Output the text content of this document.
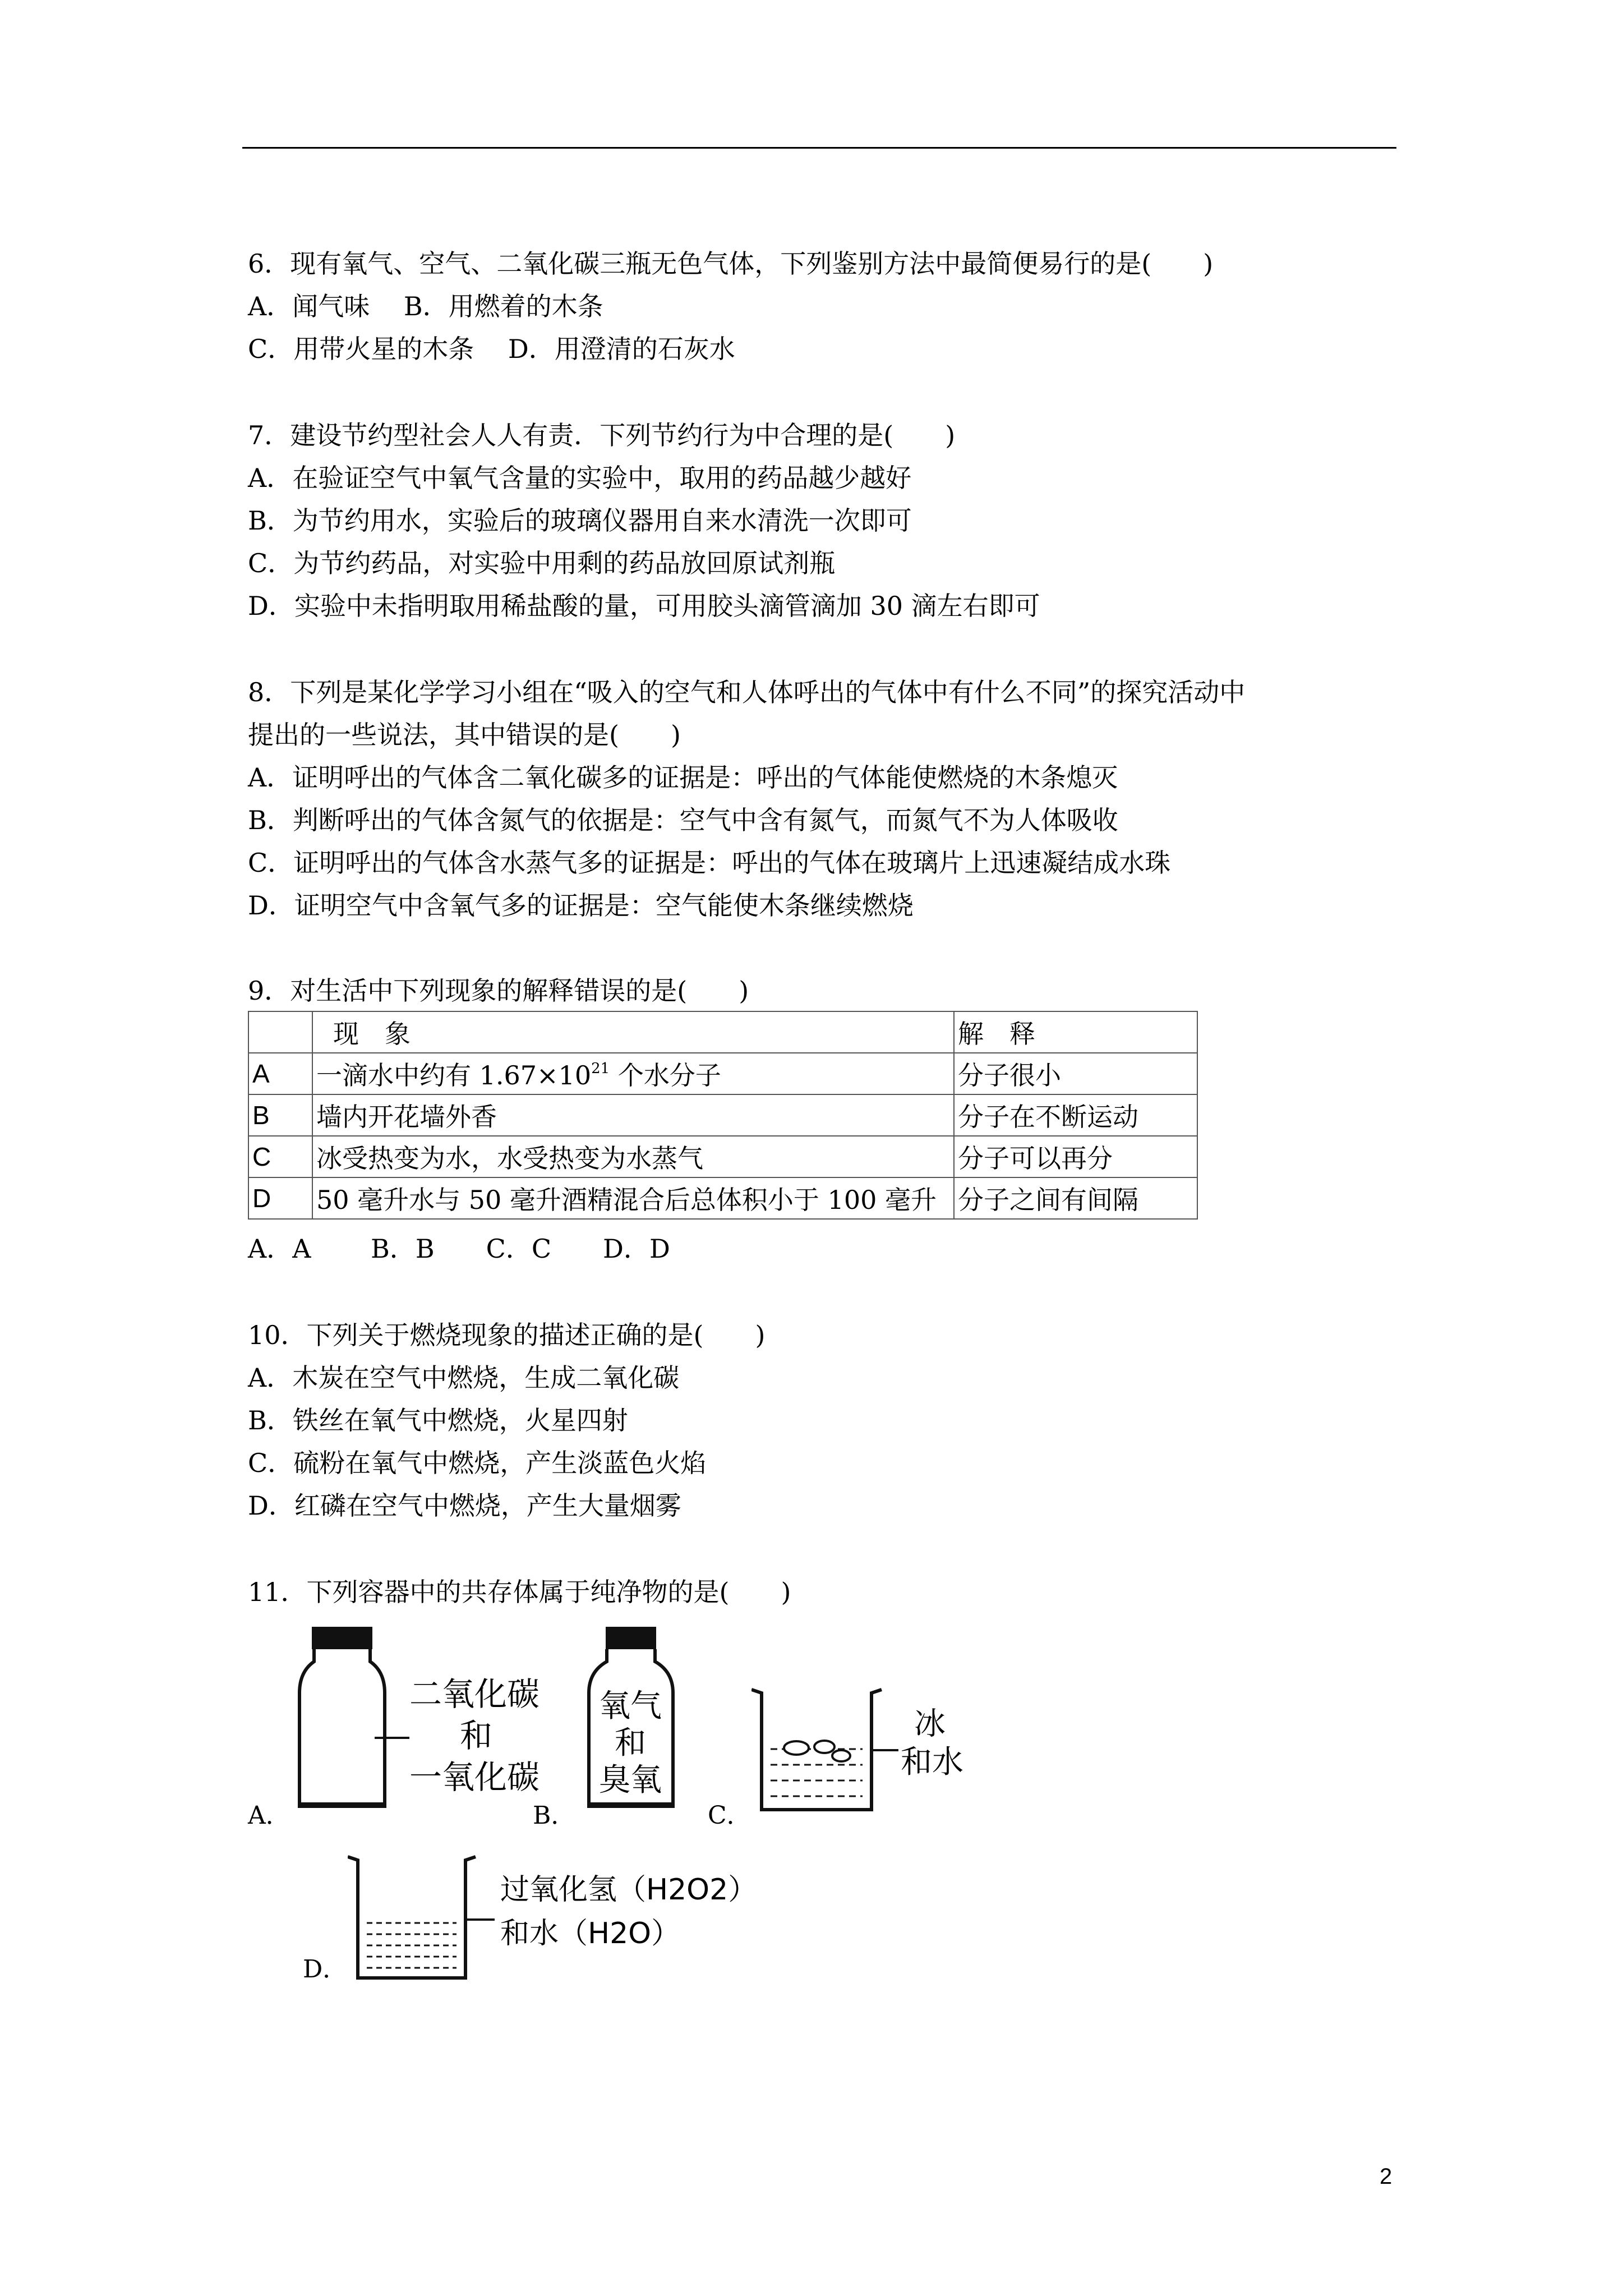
6．现有氧气、空气、二氧化碳三瓶无色气体，下列鉴别方法中最简便易行的是(　　)
A．闻气味　 B．用燃着的木条
C．用带火星的木条　 D．用澄清的石灰水
7．建设节约型社会人人有责．下列节约行为中合理的是(　　)
A．在验证空气中氧气含量的实验中，取用的药品越少越好
B．为节约用水，实验后的玻璃仪器用自来水清洗一次即可
C．为节约药品，对实验中用剩的药品放回原试剂瓶
D．实验中未指明取用稀盐酸的量，可用胶头滴管滴加 30 滴左右即可
8．下列是某化学学习小组在“吸入的空气和人体呼出的气体中有什么不同”的探究活动中
提出的一些说法，其中错误的是(　　)
A．证明呼出的气体含二氧化碳多的证据是：呼出的气体能使燃烧的木条熄灭
B．判断呼出的气体含氮气的依据是：空气中含有氮气，而氮气不为人体吸收
C．证明呼出的气体含水蒸气多的证据是：呼出的气体在玻璃片上迅速凝结成水珠
D．证明空气中含氧气多的证据是：空气能使木条继续燃烧
9．对生活中下列现象的解释错误的是(　　)
	现　象	解　释
A	一滴水中约有 $1.67\times 10^{21}$ 个水分子	分子很小
B	墙内开花墙外香	分子在不断运动
C	冰受热变为水，水受热变为水蒸气	分子可以再分
D	50 毫升水与 50 毫升酒精混合后总体积小于 100 毫升	分子之间有间隔
A．A　　 B．B　　C．C　　D．D
10．下列关于燃烧现象的描述正确的是(　　)
A．木炭在空气中燃烧，生成二氧化碳
B．铁丝在氧气中燃烧，火星四射
C．硫粉在氧气中燃烧，产生淡蓝色火焰
D．红磷在空气中燃烧，产生大量烟雾
11．下列容器中的共存体属于纯净物的是(　　)
二氧化碳
和
一氧化碳
A．
氧气
和
臭氧
B．
冰
和水
C．
过氧化氢（H2O2）
和水（H2O）
D．
2
